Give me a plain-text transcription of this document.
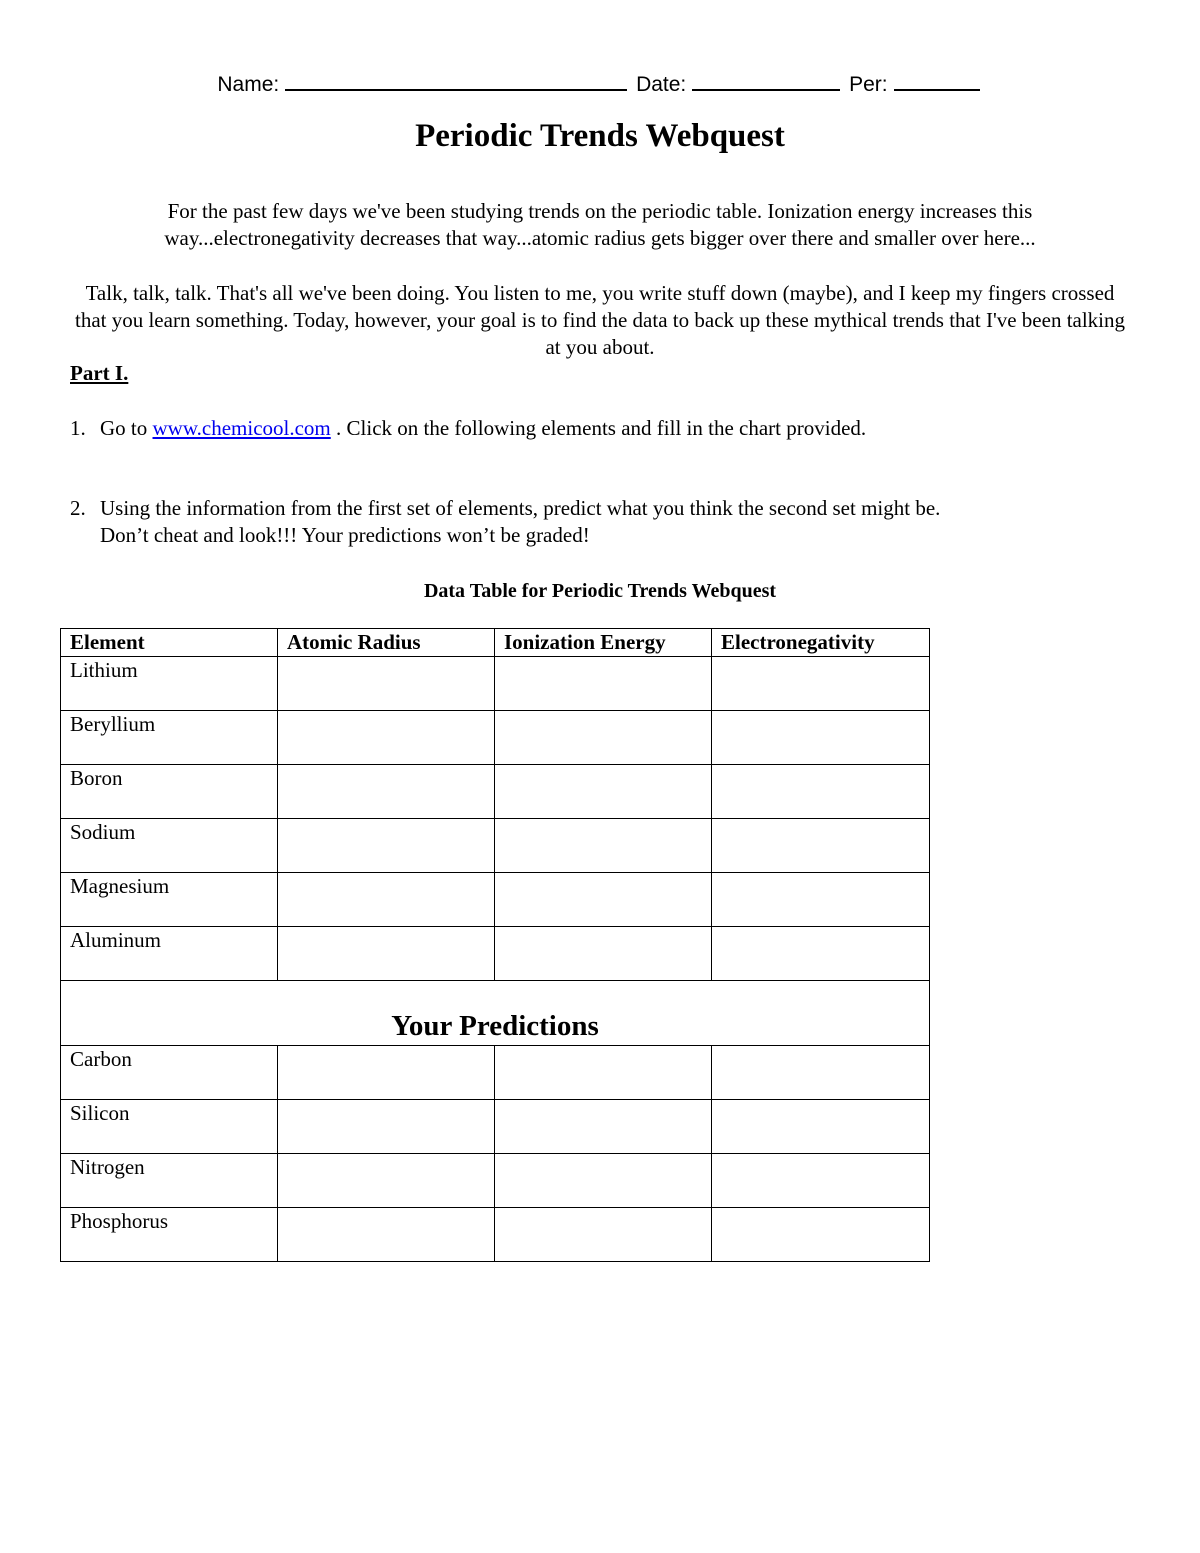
Name:	Date:	Per:
Periodic Trends Webquest
For the past few days we've been studying trends on the periodic table. Ionization energy increases this way...electronegativity decreases that way...atomic radius gets bigger over there and smaller over here...
Talk, talk, talk. That's all we've been doing. You listen to me, you write stuff down (maybe), and I keep my fingers crossed that you learn something. Today, however, your goal is to find the data to back up these mythical trends that I've been talking at you about.
Part I.
1. Go to www.chemicool.com . Click on the following elements and fill in the chart provided.
2. Using the information from the first set of elements, predict what you think the second set might be. Don’t cheat and look!!! Your predictions won’t be graded!
Data Table for Periodic Trends Webquest
Element	Atomic Radius	Ionization Energy	Electronegativity
Lithium			
Beryllium			
Boron			
Sodium			
Magnesium			
Aluminum			
Your Predictions			
Carbon			
Silicon			
Nitrogen			
Phosphorus			
